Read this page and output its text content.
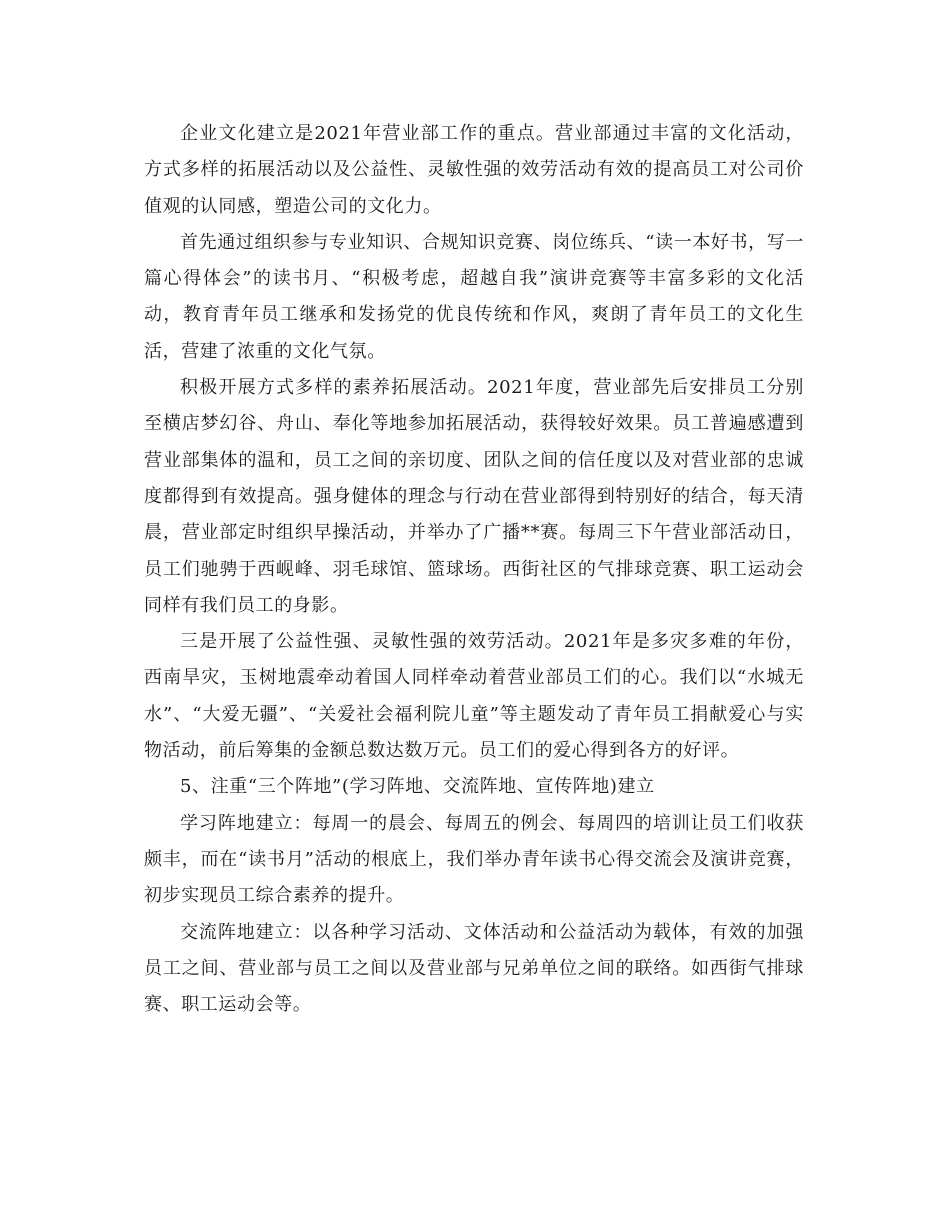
企业文化建立是2021年营业部工作的重点。营业部通过丰富的文化活动，方式多样的拓展活动以及公益性、灵敏性强的效劳活动有效的提高员工对公司价值观的认同感，塑造公司的文化力。

首先通过组织参与专业知识、合规知识竞赛、岗位练兵、“读一本好书，写一篇心得体会”的读书月、“积极考虑，超越自我”演讲竞赛等丰富多彩的文化活动，教育青年员工继承和发扬党的优良传统和作风，爽朗了青年员工的文化生活，营建了浓重的文化气氛。

积极开展方式多样的素养拓展活动。2021年度，营业部先后安排员工分别至横店梦幻谷、舟山、奉化等地参加拓展活动，获得较好效果。员工普遍感遭到营业部集体的温和，员工之间的亲切度、团队之间的信任度以及对营业部的忠诚度都得到有效提高。强身健体的理念与行动在营业部得到特别好的结合，每天清晨，营业部定时组织早操活动，并举办了广播**赛。每周三下午营业部活动日，员工们驰骋于西岘峰、羽毛球馆、篮球场。西街社区的气排球竞赛、职工运动会同样有我们员工的身影。

三是开展了公益性强、灵敏性强的效劳活动。2021年是多灾多难的年份，西南旱灾，玉树地震牵动着国人同样牵动着营业部员工们的心。我们以“水城无水”、“大爱无疆”、“关爱社会福利院儿童”等主题发动了青年员工捐献爱心与实物活动，前后筹集的金额总数达数万元。员工们的爱心得到各方的好评。

5、注重“三个阵地”(学习阵地、交流阵地、宣传阵地)建立

学习阵地建立：每周一的晨会、每周五的例会、每周四的培训让员工们收获颇丰，而在“读书月”活动的根底上，我们举办青年读书心得交流会及演讲竞赛，初步实现员工综合素养的提升。

交流阵地建立：以各种学习活动、文体活动和公益活动为载体，有效的加强员工之间、营业部与员工之间以及营业部与兄弟单位之间的联络。如西街气排球赛、职工运动会等。
